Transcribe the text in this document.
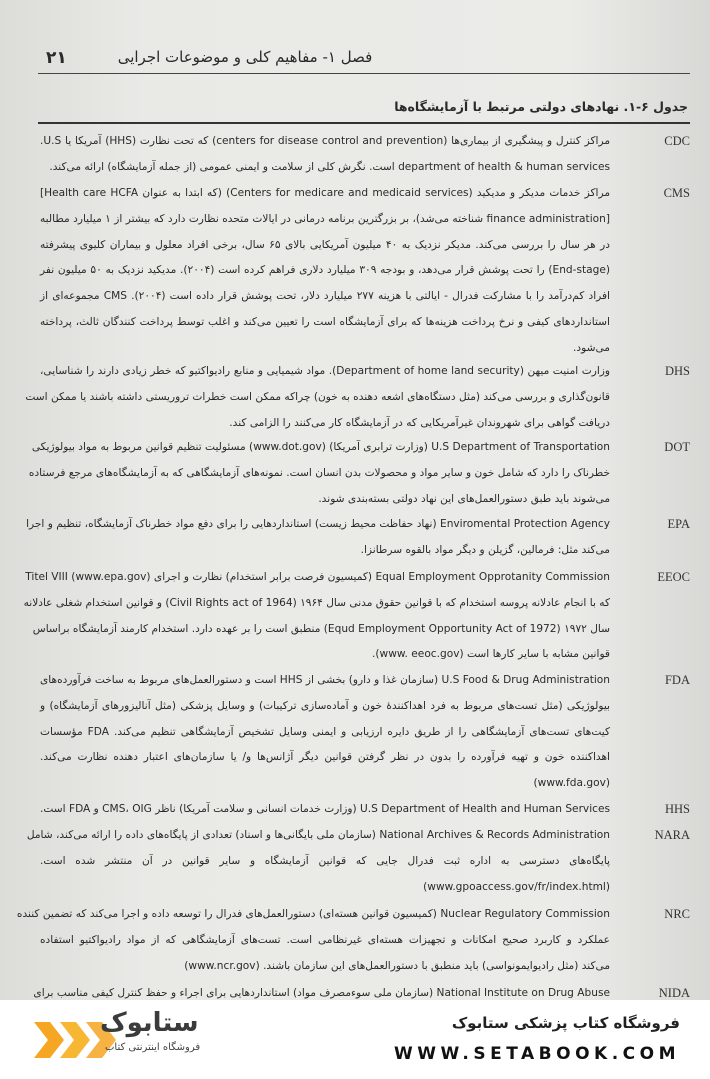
۲۱	فصل ۱- مفاهیم کلی و موضوعات اجرایی
جدول ۶-۱. نهادهای دولتی مرتبط با آزمایشگاه‌ها
CDC
مراکز کنترل و پیشگیری از بیماری‌ها (centers for disease control and prevention) که تحت نظارت (HHS) آمریکا یا U.S.
department of health & human services است. نگرش کلی از سلامت و ایمنی عمومی (از جمله آزمایشگاه) ارائه می‌کند.
CMS
مراکز خدمات مدیکر و مدیکید (Centers for medicare and medicaid services) (که ابتدا به عنوان Health care HCFA]
[finance administration شناخته می‌شد)، بر بزرگترین برنامه درمانی در ایالات متحده نظارت دارد که بیشتر از ۱ میلیارد مطالبه
در هر سال را بررسی می‌کند. مدیکر نزدیک به ۴۰ میلیون آمریکایی بالای ۶۵ سال، برخی افراد معلول و بیماران کلیوی پیشرفته
(End-stage) را تحت پوشش قرار می‌دهد، و بودجه ۳۰۹ میلیارد دلاری فراهم کرده است (۲۰۰۴). مدیکید نزدیک به ۵۰ میلیون نفر
افراد کم‌درآمد را با مشارکت فدرال - ایالتی با هزینه ۲۷۷ میلیارد دلار، تحت پوشش قرار داده است (۲۰۰۴). CMS مجموعه‌ای از
استانداردهای کیفی و نرخ پرداخت هزینه‌ها که برای آزمایشگاه است را تعیین می‌کند و اغلب توسط پرداخت کنندگان ثالث، پرداخته
می‌شود.
DHS
وزارت امنیت میهن (Department of home land security). مواد شیمیایی و منابع رادیواکتیو که خطر زیادی دارند را شناسایی،
قانون‌گذاری و بررسی می‌کند (مثل دستگاه‌های اشعه دهنده به خون) چراکه ممکن است خطرات تروریستی داشته باشند یا ممکن است
دریافت گواهی برای شهروندان غیرآمریکایی که در آزمایشگاه کار می‌کنند را الزامی کند.
DOT
U.S Department of Transportation (وزارت ترابری آمریکا) (www.dot.gov) مسئولیت تنظیم قوانین مربوط به مواد بیولوژیکی
خطرناک را دارد که شامل خون و سایر مواد و محصولات بدن انسان است. نمونه‌های آزمایشگاهی که به آزمایشگاه‌های مرجع فرستاده
می‌شوند باید طبق دستورالعمل‌های این نهاد دولتی بسته‌بندی شوند.
EPA
Enviromental Protection Agency (نهاد حفاظت محیط زیست) استانداردهایی را برای دفع مواد خطرناک آزمایشگاه، تنظیم و اجرا
می‌کند مثل: فرمالین، گزیلن و دیگر مواد بالقوه سرطانزا.
EEOC
Equal Employment Opprotanity Commission (کمیسیون فرصت برابر استخدام) نظارت و اجرای (www.epa.gov) Titel VIII
که با انجام عادلانه پروسه استخدام که با قوانین حقوق مدنی سال ۱۹۶۴ (Civil Rights act of 1964) و قوانین استخدام شغلی عادلانه
سال ۱۹۷۲ (Equd Employment Opportunity Act of 1972) منطبق است را بر عهده دارد. استخدام کارمند آزمایشگاه براساس
قوانین مشابه با سایر کارها است (www. eeoc.gov).
FDA
U.S Food & Drug Administration (سازمان غذا و دارو) بخشی از HHS است و دستورالعمل‌های مربوط به ساخت فرآورده‌های
بیولوژیکی (مثل تست‌های مربوط به فرد اهداکنندهٔ خون و آماده‌سازی ترکیبات) و وسایل پزشکی (مثل آنالیزورهای آزمایشگاه) و
کیت‌های تست‌های آزمایشگاهی را از طریق دایره ارزیابی و ایمنی وسایل تشخیص آزمایشگاهی تنظیم می‌کند. FDA مؤسسات
اهداکننده خون و تهیه فرآورده را بدون در نظر گرفتن قوانین دیگر آژانس‌ها و/ یا سازمان‌های اعتبار دهنده نظارت می‌کند.
(www.fda.gov)
HHS
U.S Department of Health and Human Services (وزارت خدمات انسانی و سلامت آمریکا) ناظر CMS، OIG و FDA است.
NARA
National Archives & Records Administration (سازمان ملی بایگانی‌ها و اسناد) تعدادی از پایگاه‌های داده را ارائه می‌کند، شامل
پایگاه‌های دسترسی به اداره ثبت فدرال جایی که قوانین آزمایشگاه و سایر قوانین در آن منتشر شده است.
(www.gpoaccess.gov/fr/index.html)
NRC
Nuclear Regulatory Commission (کمیسیون قوانین هسته‌ای) دستورالعمل‌های فدرال را توسعه داده و اجرا می‌کند که تضمین کننده
عملکرد و کاربرد صحیح امکانات و تجهیزات هسته‌ای غیرنظامی است. تست‌های آزمایشگاهی که از مواد رادیواکتیو استفاده
می‌کند (مثل رادیوایمونواسی) باید منطبق با دستورالعمل‌های این سازمان باشند. (www.ncr.gov)
NIDA
National Institute on Drug Abuse (سازمان ملی سوءمصرف مواد) استانداردهایی برای اجراء و حفظ کنترل کیفی مناسب برای
ستابوک
فروشگاه اینترنتی کتاب
فروشگاه کتاب پزشکی ستابوک
WWW.SETABOOK.COM
